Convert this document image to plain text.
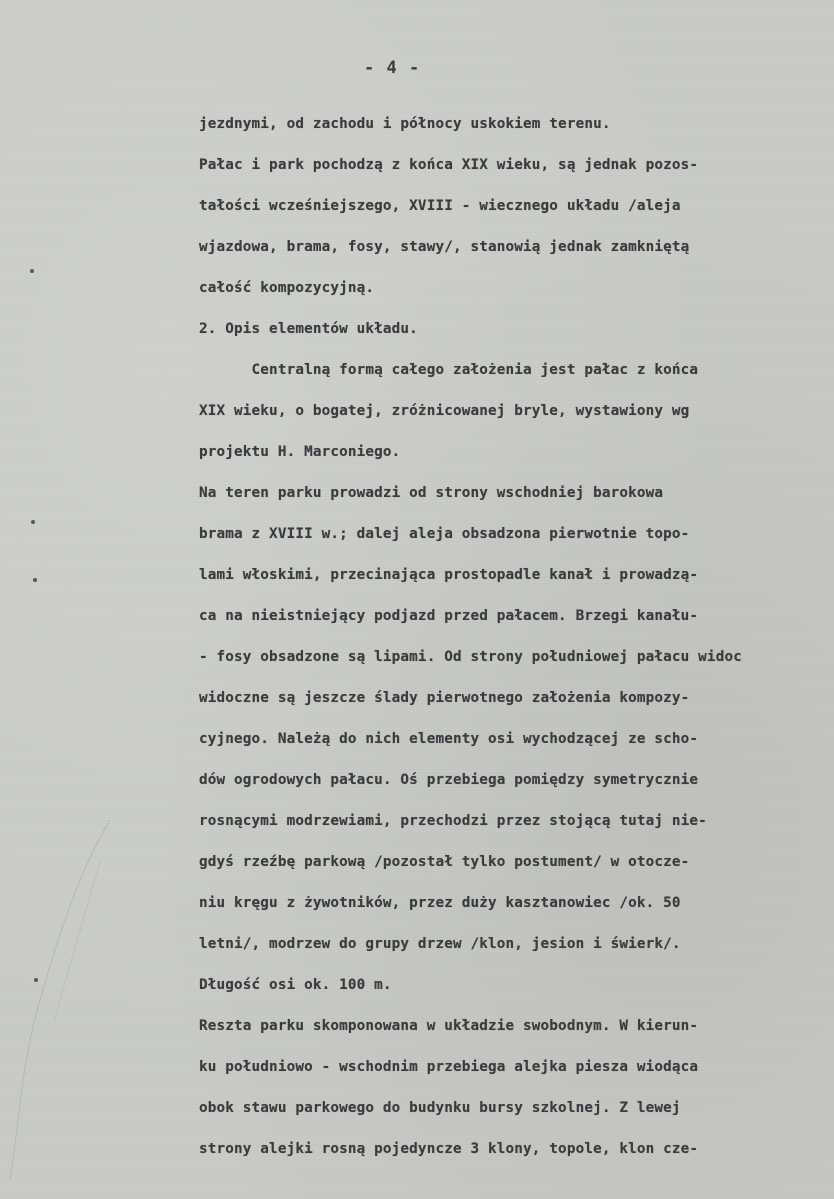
- 4 -
jezdnymi, od zachodu i północy uskokiem terenu.
Pałac i park pochodzą z końca XIX wieku, są jednak pozos-
tałości wcześniejszego, XVIII - wiecznego układu /aleja
wjazdowa, brama, fosy, stawy/, stanowią jednak zamkniętą
całość kompozycyjną.
2. Opis elementów układu.
Centralną formą całego założenia jest pałac z końca
XIX wieku, o bogatej, zróżnicowanej bryle, wystawiony wg
projektu H. Marconiego.
Na teren parku prowadzi od strony wschodniej barokowa
brama z XVIII w.; dalej aleja obsadzona pierwotnie topo-
lami włoskimi, przecinająca prostopadle kanał i prowadzą-
ca na nieistniejący podjazd przed pałacem. Brzegi kanału-
- fosy obsadzone są lipami. Od strony południowej pałacu widoc
widoczne są jeszcze ślady pierwotnego założenia kompozy-
cyjnego. Należą do nich elementy osi wychodzącej ze scho-
dów ogrodowych pałacu. Oś przebiega pomiędzy symetrycznie
rosnącymi modrzewiami, przechodzi przez stojącą tutaj nie-
gdyś rzeźbę parkową /pozostał tylko postument/ w otocze-
niu kręgu z żywotników, przez duży kasztanowiec /ok. 50
letni/, modrzew do grupy drzew /klon, jesion i świerk/.
Długość osi ok. 100 m.
Reszta parku skomponowana w układzie swobodnym. W kierun-
ku południowo - wschodnim przebiega alejka piesza wiodąca
obok stawu parkowego do budynku bursy szkolnej. Z lewej
strony alejki rosną pojedyncze 3 klony, topole, klon cze-
